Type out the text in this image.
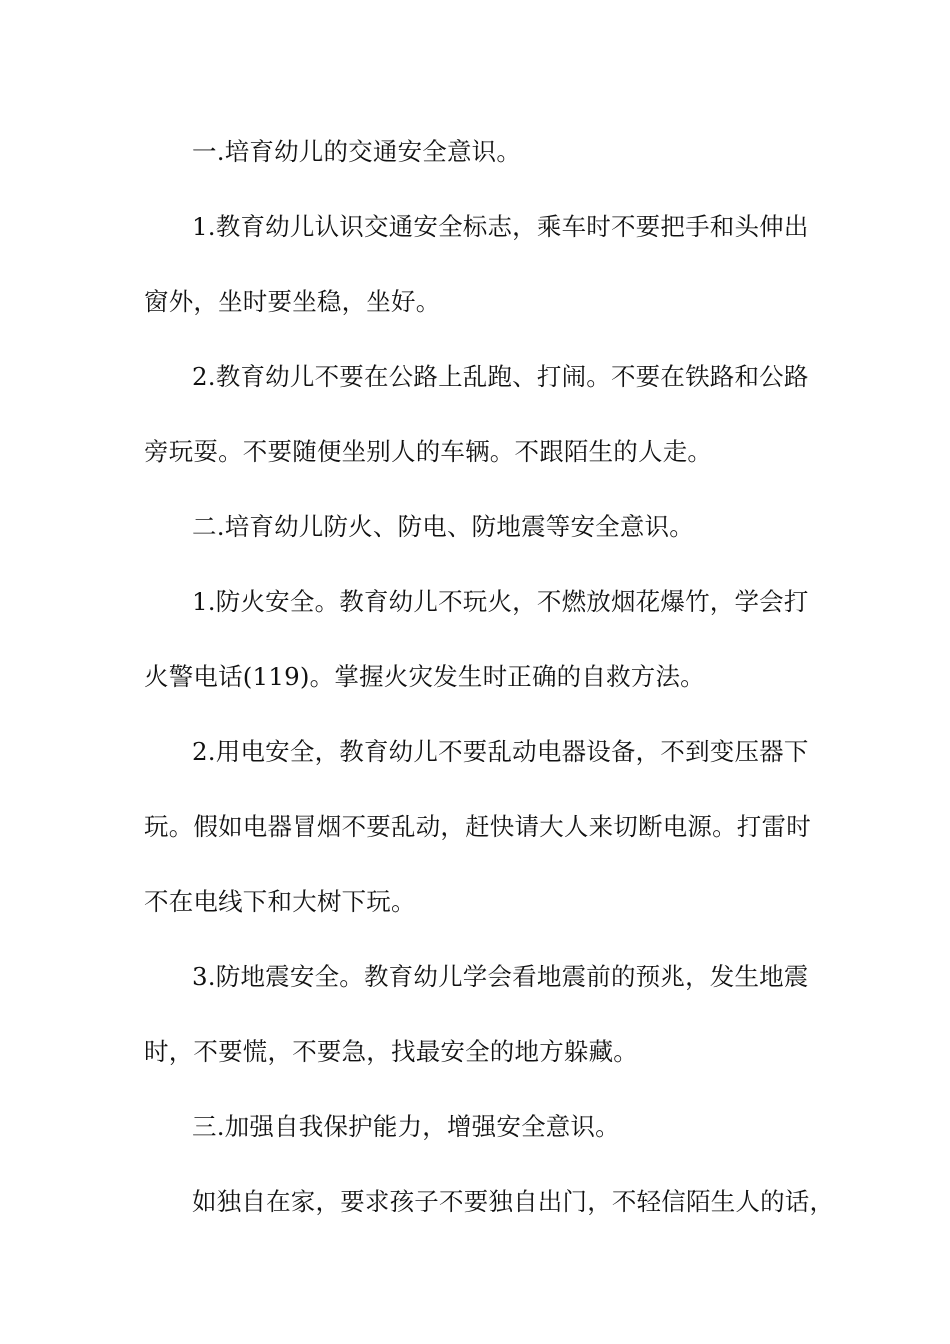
一.培育幼儿的交通安全意识。
1.教育幼儿认识交通安全标志，乘车时不要把手和头伸出
窗外，坐时要坐稳，坐好。
2.教育幼儿不要在公路上乱跑、打闹。不要在铁路和公路
旁玩耍。不要随便坐别人的车辆。不跟陌生的人走。
二.培育幼儿防火、防电、防地震等安全意识。
1.防火安全。教育幼儿不玩火，不燃放烟花爆竹，学会打
火警电话(119)。掌握火灾发生时正确的自救方法。
2.用电安全，教育幼儿不要乱动电器设备，不到变压器下
玩。假如电器冒烟不要乱动，赶快请大人来切断电源。打雷时
不在电线下和大树下玩。
3.防地震安全。教育幼儿学会看地震前的预兆，发生地震
时，不要慌，不要急，找最安全的地方躲藏。
三.加强自我保护能力，增强安全意识。
如独自在家，要求孩子不要独自出门，不轻信陌生人的话，
